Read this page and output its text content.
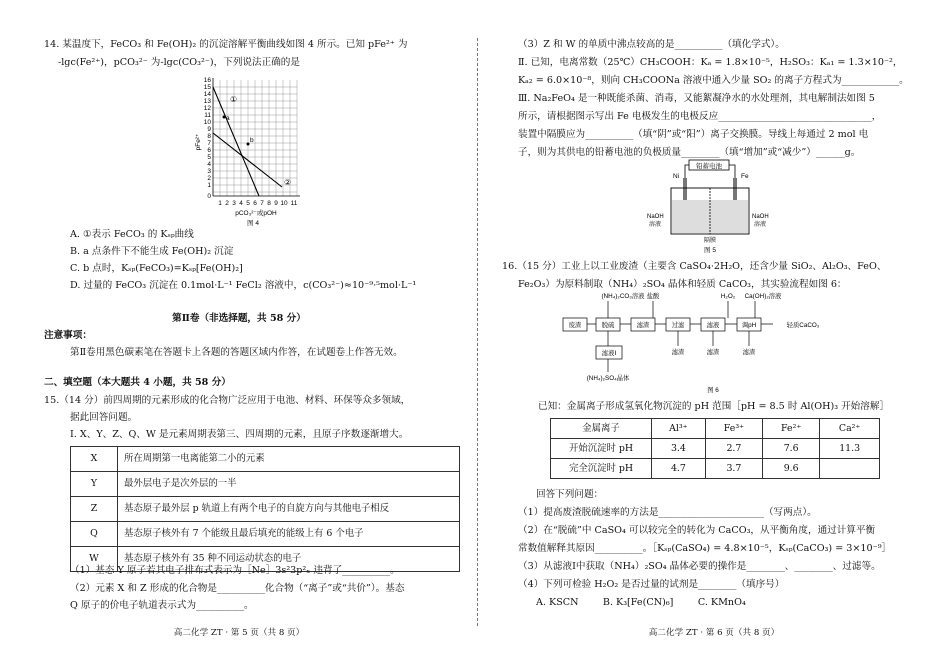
14. 某温度下，FeCO₃ 和 Fe(OH)₂ 的沉淀溶解平衡曲线如图 4 所示。已知 pFe²⁺ 为
-lgc(Fe²⁺)，pCO₃²⁻ 为-lgc(CO₃²⁻)，下列说法正确的是
16
15
14
13
12
11
10
9
8
7
6
5
4
3
2
1
0
1 2 3 4 5 6 7 8 9 10 11
pCO₃²⁻或pOH
pFe²⁺
①
②
a
b
图 4
A. ①表示 FeCO₃ 的 Kₛₚ曲线
B. a 点条件下不能生成 Fe(OH)₂ 沉淀
C. b 点时，Kₛₚ(FeCO₃)=Kₛₚ[Fe(OH)₂]
D. 过量的 FeCO₃ 沉淀在 0.1mol·L⁻¹ FeCl₂ 溶液中，c(CO₃²⁻)≈10⁻⁹·⁵mol·L⁻¹
第Ⅱ卷（非选择题，共 58 分）
注意事项：
第Ⅱ卷用黑色碳素笔在答题卡上各题的答题区域内作答，在试题卷上作答无效。
二、填空题（本大题共 4 小题，共 58 分）
15.（14 分）前四周期的元素形成的化合物广泛应用于电池、材料、环保等众多领域，
据此回答问题。
Ⅰ. X、Y、Z、Q、W 是元素周期表第三、四周期的元素，且原子序数逐渐增大。
X	所在周期第一电离能第二小的元素
Y	最外层电子是次外层的一半
Z	基态原子最外层 p 轨道上有两个电子的自旋方向与其他电子相反
Q	基态原子核外有 7 个能级且最后填充的能级上有 6 个电子
W	基态原子核外有 35 种不同运动状态的电子
（1）基态 Y 原子若其电子排布式表示为［Ne］3s²3p²ₓ 违背了__________。
（2）元素 X 和 Z 形成的化合物是__________化合物（“离子”或“共价”）。基态
Q 原子的价电子轨道表示式为__________。
高二化学 ZT · 第 5 页（共 8 页）
（3）Z 和 W 的单质中沸点较高的是__________（填化学式）。
Ⅱ. 已知，电离常数（25℃）CH₃COOH：Kₐ = 1.8×10⁻⁵，H₂SO₃：Kₐ₁ = 1.3×10⁻²，
Kₐ₂ = 6.0×10⁻⁸，则向 CH₃COONa 溶液中通入少量 SO₂ 的离子方程式为____________。
Ⅲ. Na₂FeO₄ 是一种既能杀菌、消毒，又能絮凝净水的水处理剂，其电解制法如图 5
所示，请根据图示写出 Fe 电极发生的电极反应________________________________，
装置中隔膜应为__________（填“阴”或“阳”）离子交换膜。导线上每通过 2 mol 电
子，则为其供电的铅蓄电池的负极质量________（填“增加”或“减少”）______g。
铅蓄电池
Ni	Fe
NaOH
溶液
NaOH
溶液
隔膜
图 5
16.（15 分）工业上以工业废渣（主要含 CaSO₄·2H₂O，还含少量 SiO₂、Al₂O₃、FeO、
Fe₂O₃）为原料制取（NH₄）₂SO₄ 晶体和轻质 CaCO₃，其实验流程如图 6：
(NH₄)₂CO₃溶液 盐酸	H₂O₂ Ca(OH)₂溶液
废渣	脱硫	滤渣	过滤	滤液	调pH	轻质CaCO₃
滤液Ⅰ
(NH₄)₂SO₄晶体
滤渣	滤渣	滤渣
图 6
已知：金属离子形成氢氧化物沉淀的 pH 范围［pH = 8.5 时 Al(OH)₃ 开始溶解］
金属离子	Al³⁺	Fe³⁺	Fe²⁺	Ca²⁺
开始沉淀时 pH	3.4	2.7	7.6	11.3
完全沉淀时 pH	4.7	3.7	9.6	
回答下列问题：
（1）提高废渣脱硫速率的方法是______________________（写两点）。
（2）在“脱硫”中 CaSO₄ 可以较完全的转化为 CaCO₃，从平衡角度，通过计算平衡
常数值解释其原因__________。［Kₛₚ(CaSO₄) = 4.8×10⁻⁵，Kₛₚ(CaCO₃) = 3×10⁻⁹］
（3）从滤液Ⅰ中获取（NH₄）₂SO₄ 晶体必要的操作是________、________、过滤等。
（4）下列可检验 H₂O₂ 是否过量的试剂是________（填序号）
A. KSCN        B. K₃[Fe(CN)₆]        C. KMnO₄
高二化学 ZT · 第 6 页（共 8 页）
